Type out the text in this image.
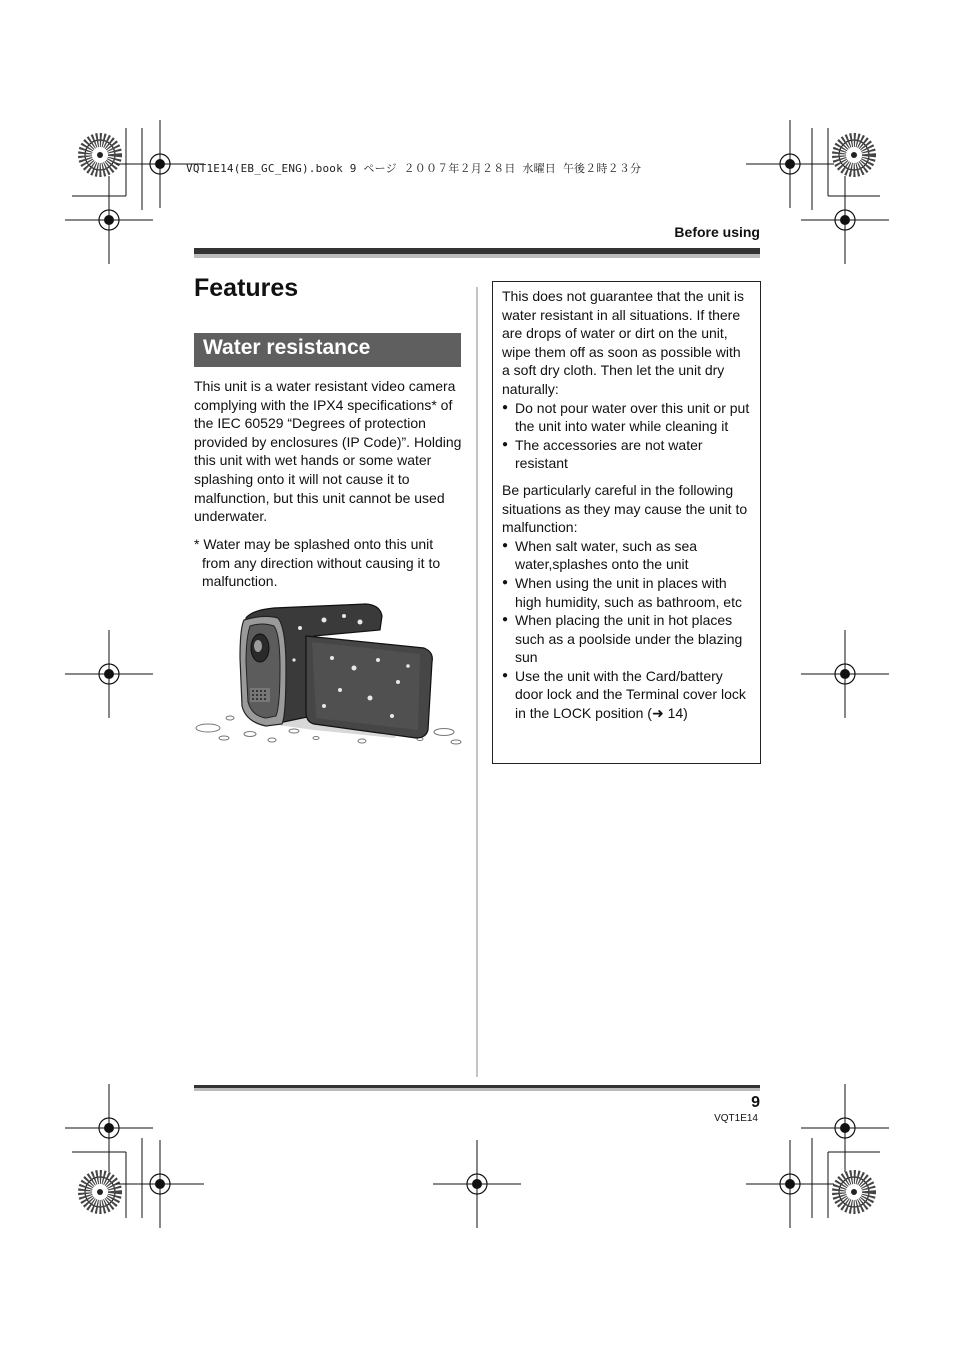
VQT1E14(EB_GC_ENG).book 9 ページ ２００７年２月２８日 水曜日 午後２時２３分
Before using
Features
Water resistance

This unit is a water resistant video camera complying with the IPX4 specifications* of the IEC 60529 “Degrees of protection provided by enclosures (IP Code)”. Holding this unit with wet hands or some water splashing onto it will not cause it to malfunction, but this unit cannot be used underwater.

* Water may be splashed onto this unit from any direction without causing it to malfunction.

This does not guarantee that the unit is water resistant in all situations. If there are drops of water or dirt on the unit, wipe them off as soon as possible with a soft dry cloth. Then let the unit dry naturally:

● Do not pour water over this unit or put the unit into water while cleaning it
● The accessories are not water resistant

Be particularly careful in the following situations as they may cause the unit to malfunction:

● When salt water, such as sea water,splashes onto the unit
● When using the unit in places with high humidity, such as bathroom, etc
● When placing the unit in hot places such as a poolside under the blazing sun
● Use the unit with the Card/battery door lock and the Terminal cover lock in the LOCK position (➜ 14)
9
VQT1E14
